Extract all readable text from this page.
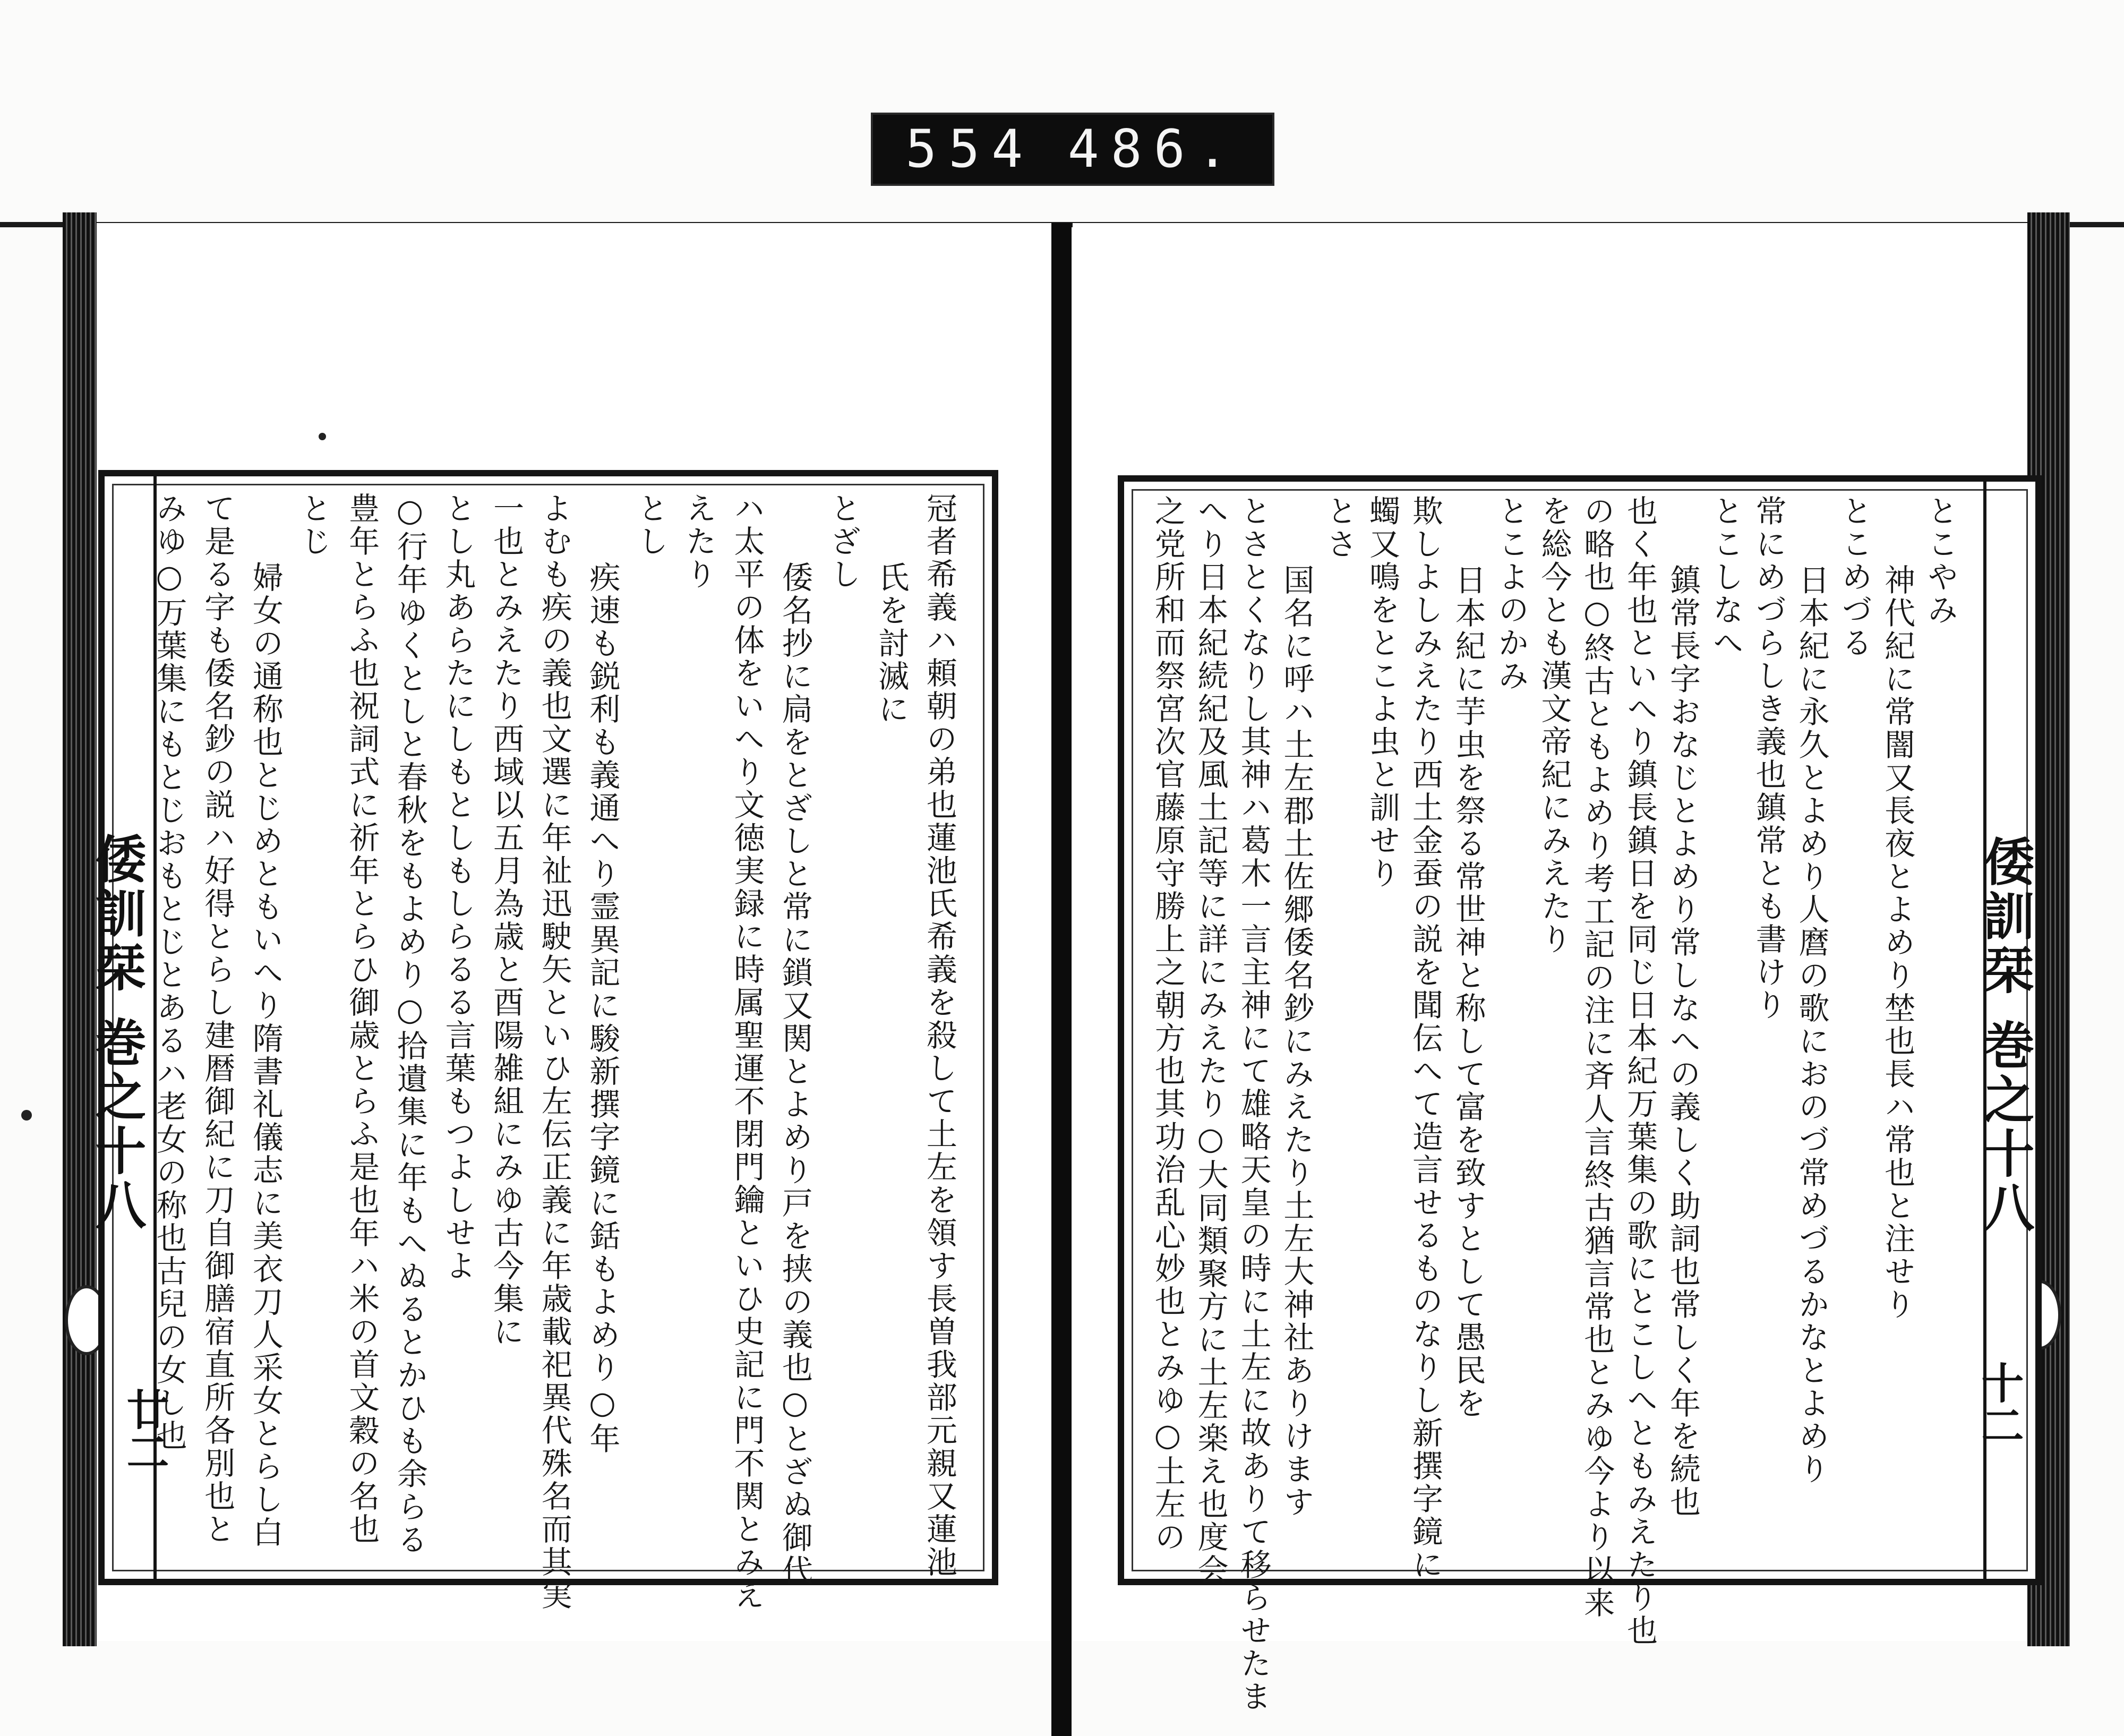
554 486.
倭訓栞 巻之十八
廿二	冠者希義ハ頼朝の弟也蓮池氏希義を殺して土左を領す長曽我部元親又蓮池
氏を討滅に
とざし
倭名抄に扃をとざしと常に鎖又関とよめり戸を挟の義也○とざぬ御代
ハ太平の体をいへり文徳実録に時属聖運不閉門鑰といひ史記に門不関とみえ
えたり
とし
疾速も鋭利も義通へり霊異記に駿新撰字鏡に銛もよめり○年
よむも疾の義也文選に年祉迅駛矢といひ左伝正義に年歳載祀異代殊名而其実
一也とみえたり西域以五月為歳と酉陽雑組にみゆ古今集に
とし丸あらたにしもとしもしらるる言葉もつよしせよ
○行年ゆくとしと春秋をもよめり○拾遺集に年もへぬるとかひも余らる
豊年とらふ也祝詞式に祈年とらひ御歳とらふ是也年ハ米の首文穀の名也
とじ
婦女の通称也とじめともいへり隋書礼儀志に美衣刀人采女とらし白
て是る字も倭名鈔の説ハ好得とらし建暦御紀に刀自御膳宿直所各別也と
みゆ○万葉集にもとじおもとじとあるハ老女の称也古兒の女し也	倭訓栞 巻之十八
十二
とこやみ
神代紀に常闇又長夜とよめり埜也長ハ常也と注せり
とこめづる
日本紀に永久とよめり人麿の歌におのづ常めづるかなとよめり
常にめづらしき義也鎮常とも書けり
とこしなへ
鎮常長字おなじとよめり常しなへの義しく助詞也常しく年を続也
也く年也といへり鎮長鎮日を同じ日本紀万葉集の歌にとこしへともみえたり也
の略也○終古ともよめり考工記の注に斉人言終古猶言常也とみゆ今より以来
を総今とも漢文帝紀にみえたり
とこよのかみ
日本紀に芋虫を祭る常世神と称して富を致すとして愚民を
欺しよしみえたり西土金蚕の説を聞伝へて造言せるものなりし新撰字鏡に
蠋又鳴をとこよ虫と訓せり
とさ
国名に呼ハ土左郡土佐郷倭名鈔にみえたり土左大神社ありけます
とさとくなりし其神ハ葛木一言主神にて雄略天皇の時に土左に故ありて移らせたま
へり日本紀続紀及風土記等に詳にみえたり○大同類聚方に土左楽え也度会
之党所和而祭宮次官藤原守勝上之朝方也其功治乱心妙也とみゆ○土左の
